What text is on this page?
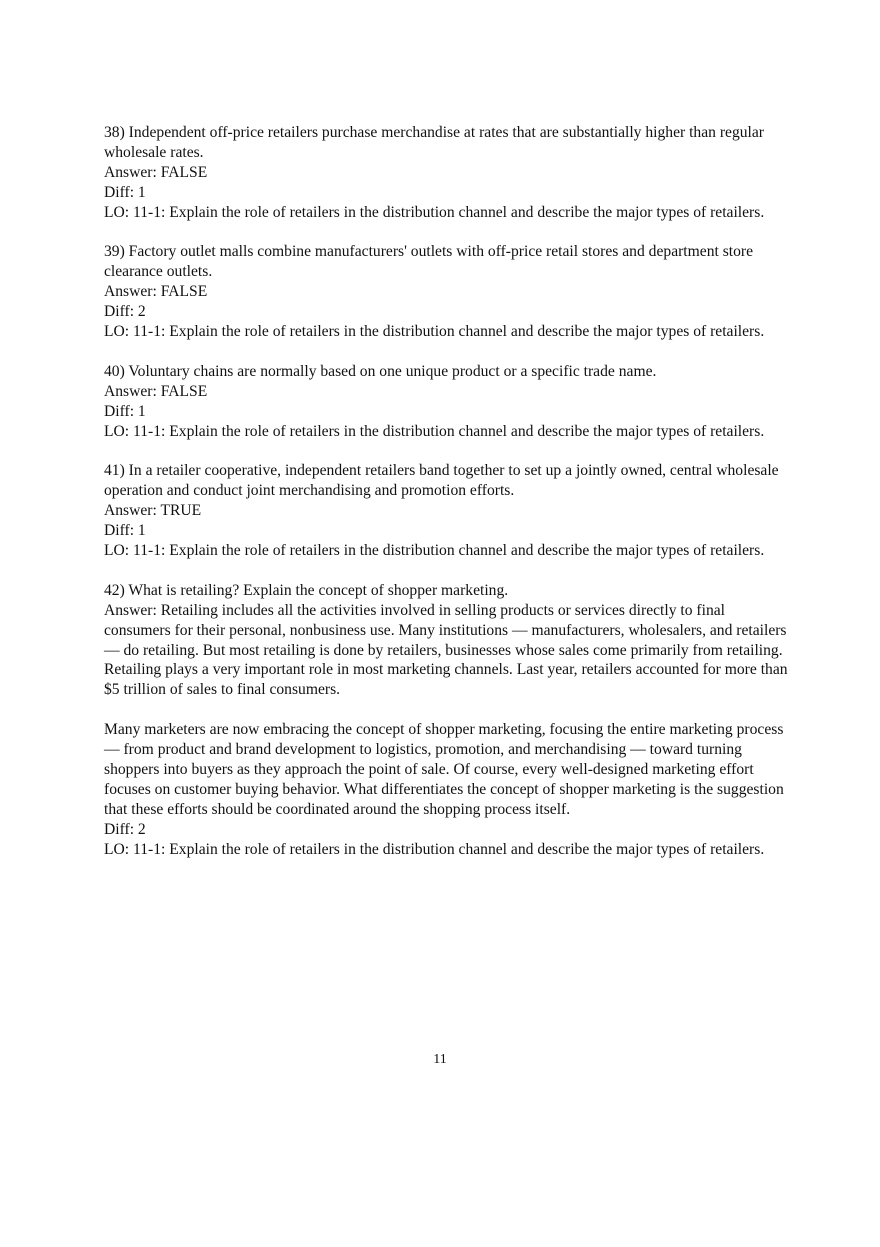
38) Independent off-price retailers purchase merchandise at rates that are substantially higher than regular wholesale rates.
Answer: FALSE
Diff: 1
LO: 11-1: Explain the role of retailers in the distribution channel and describe the major types of retailers.
39) Factory outlet malls combine manufacturers' outlets with off-price retail stores and department store clearance outlets.
Answer: FALSE
Diff: 2
LO: 11-1: Explain the role of retailers in the distribution channel and describe the major types of retailers.
40) Voluntary chains are normally based on one unique product or a specific trade name.
Answer: FALSE
Diff: 1
LO: 11-1: Explain the role of retailers in the distribution channel and describe the major types of retailers.
41) In a retailer cooperative, independent retailers band together to set up a jointly owned, central wholesale operation and conduct joint merchandising and promotion efforts.
Answer: TRUE
Diff: 1
LO: 11-1: Explain the role of retailers in the distribution channel and describe the major types of retailers.
42) What is retailing? Explain the concept of shopper marketing.
Answer: Retailing includes all the activities involved in selling products or services directly to final consumers for their personal, nonbusiness use. Many institutions — manufacturers, wholesalers, and retailers — do retailing. But most retailing is done by retailers, businesses whose sales come primarily from retailing. Retailing plays a very important role in most marketing channels. Last year, retailers accounted for more than $5 trillion of sales to final consumers.
Many marketers are now embracing the concept of shopper marketing, focusing the entire marketing process — from product and brand development to logistics, promotion, and merchandising — toward turning shoppers into buyers as they approach the point of sale. Of course, every well-designed marketing effort focuses on customer buying behavior. What differentiates the concept of shopper marketing is the suggestion that these efforts should be coordinated around the shopping process itself.
Diff: 2
LO: 11-1: Explain the role of retailers in the distribution channel and describe the major types of retailers.
11
